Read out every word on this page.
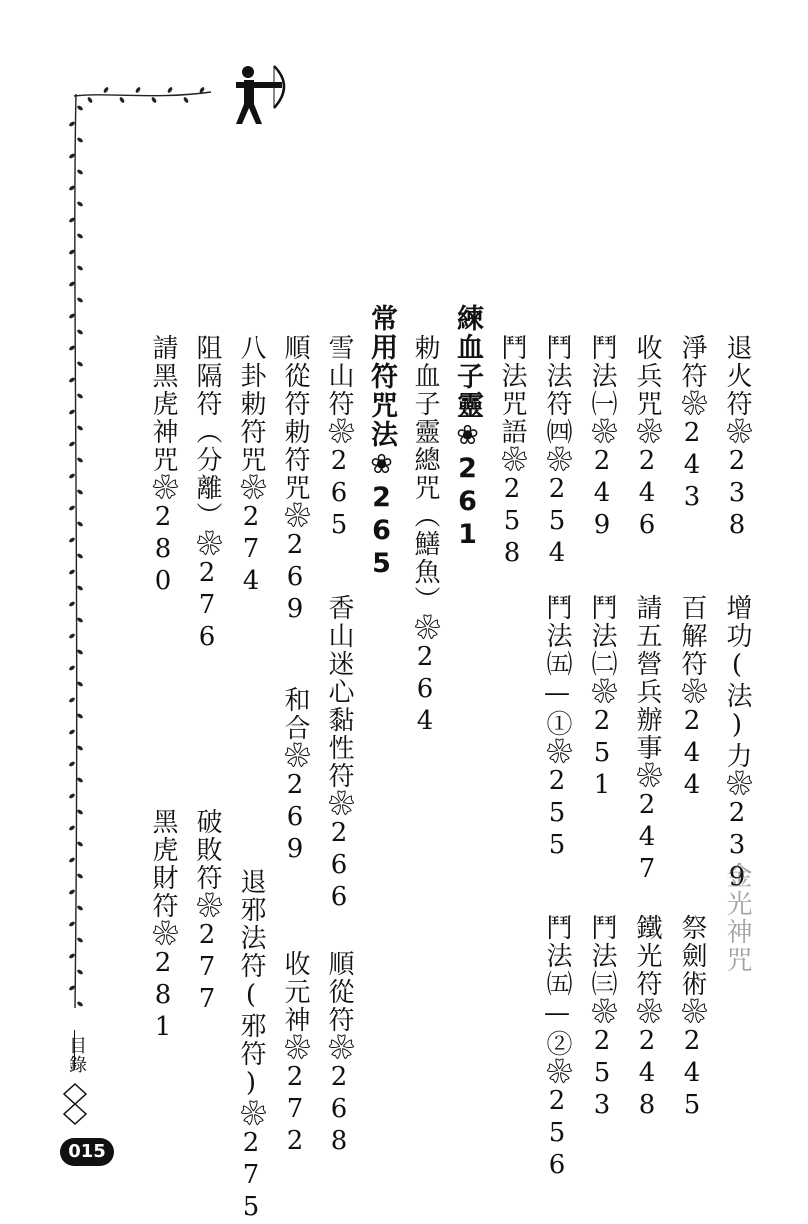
退火符❀238
增功(法)力❀239
金光神咒
淨符❀243
百解符❀244
祭劍術❀245
收兵咒❀246
請五營兵辦事❀247
鐵光符❀248
鬥法㈠❀249
鬥法㈡❀251
鬥法㈢❀253
鬥法符㈣❀254
鬥法㈤—①❀255
鬥法㈤—②❀256
鬥法咒語❀258
練血子靈❀261
勅血子靈總咒（鱔魚）❀264
常用符咒法❀265
雪山符❀265
香山迷心黏性符❀266
順從符❀268
順從符勅符咒❀269
和合❀269
收元神❀272
八卦勅符咒❀274
退邪法符(邪符)❀275
阻隔符（分離）❀276
破敗符❀277
請黑虎神咒❀280
黑虎財符❀281
目錄
015
